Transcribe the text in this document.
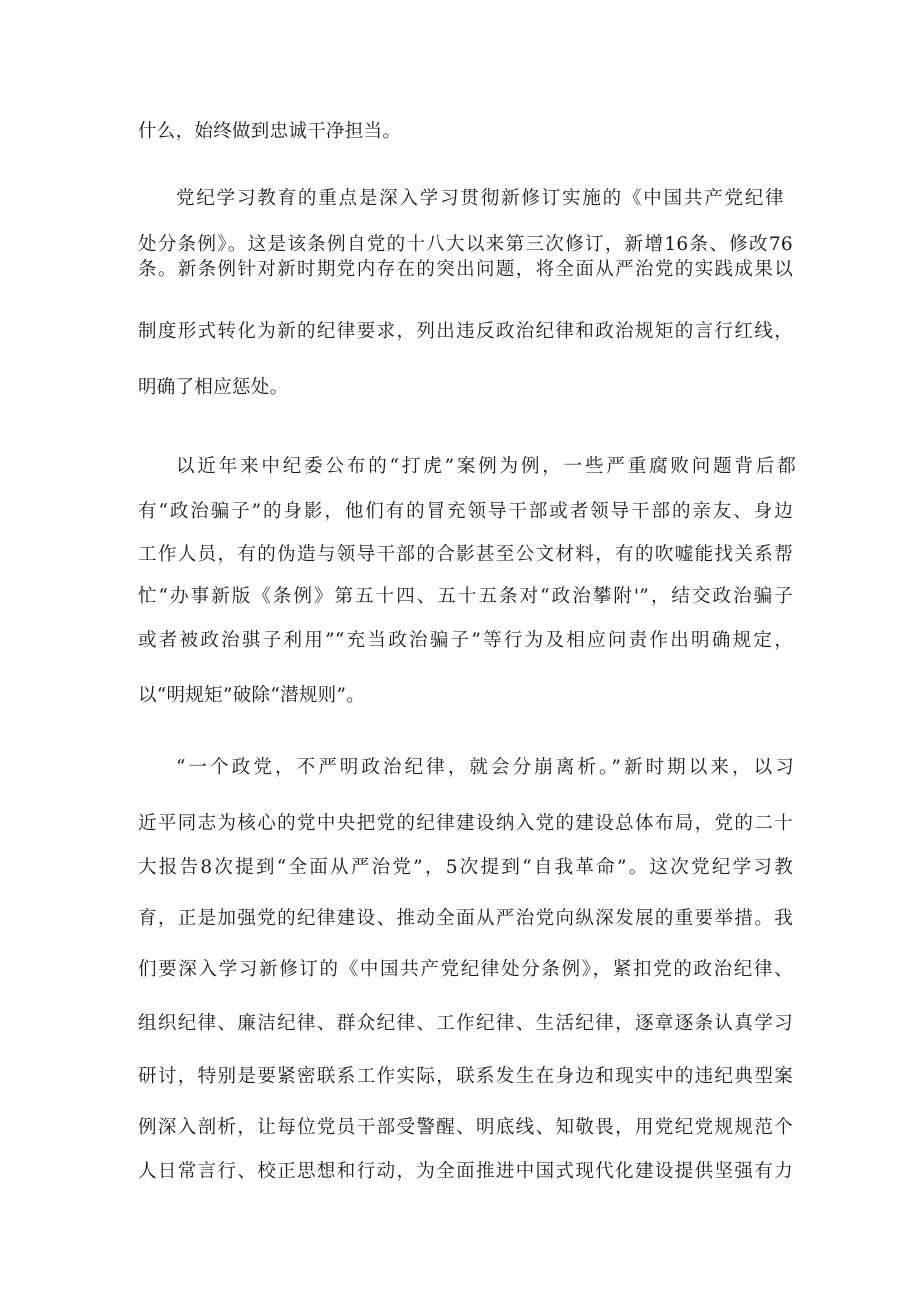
什么，始终做到忠诚干净担当。
党纪学习教育的重点是深入学习贯彻新修订实施的《中国共产党纪律
处分条例》。这是该条例自党的十八大以来第三次修订，新增16条、修改76
条。新条例针对新时期党内存在的突出问题，将全面从严治党的实践成果以
制度形式转化为新的纪律要求，列出违反政治纪律和政治规矩的言行红线，
明确了相应惩处。
以近年来中纪委公布的“打虎”案例为例，一些严重腐败问题背后都
有“政治骗子”的身影，他们有的冒充领导干部或者领导干部的亲友、身边
工作人员，有的伪造与领导干部的合影甚至公文材料，有的吹嘘能找关系帮
忙“办事新版《条例》第五十四、五十五条对“政治攀附'”，结交政治骗子
或者被政治骐子利用”“充当政治骗子”等行为及相应问责作出明确规定，
以“明规矩”破除“潜规则”。
“一个政党，不严明政治纪律，就会分崩离析。”新时期以来，以习
近平同志为核心的党中央把党的纪律建设纳入党的建设总体布局，党的二十
大报告8次提到“全面从严治党”，5次提到“自我革命”。这次党纪学习教
育，正是加强党的纪律建设、推动全面从严治党向纵深发展的重要举措。我
们要深入学习新修订的《中国共产党纪律处分条例》，紧扣党的政治纪律、
组织纪律、廉洁纪律、群众纪律、工作纪律、生活纪律，逐章逐条认真学习
研讨，特别是要紧密联系工作实际，联系发生在身边和现实中的违纪典型案
例深入剖析，让每位党员干部受警醒、明底线、知敬畏，用党纪党规规范个
人日常言行、校正思想和行动，为全面推进中国式现代化建设提供坚强有力
